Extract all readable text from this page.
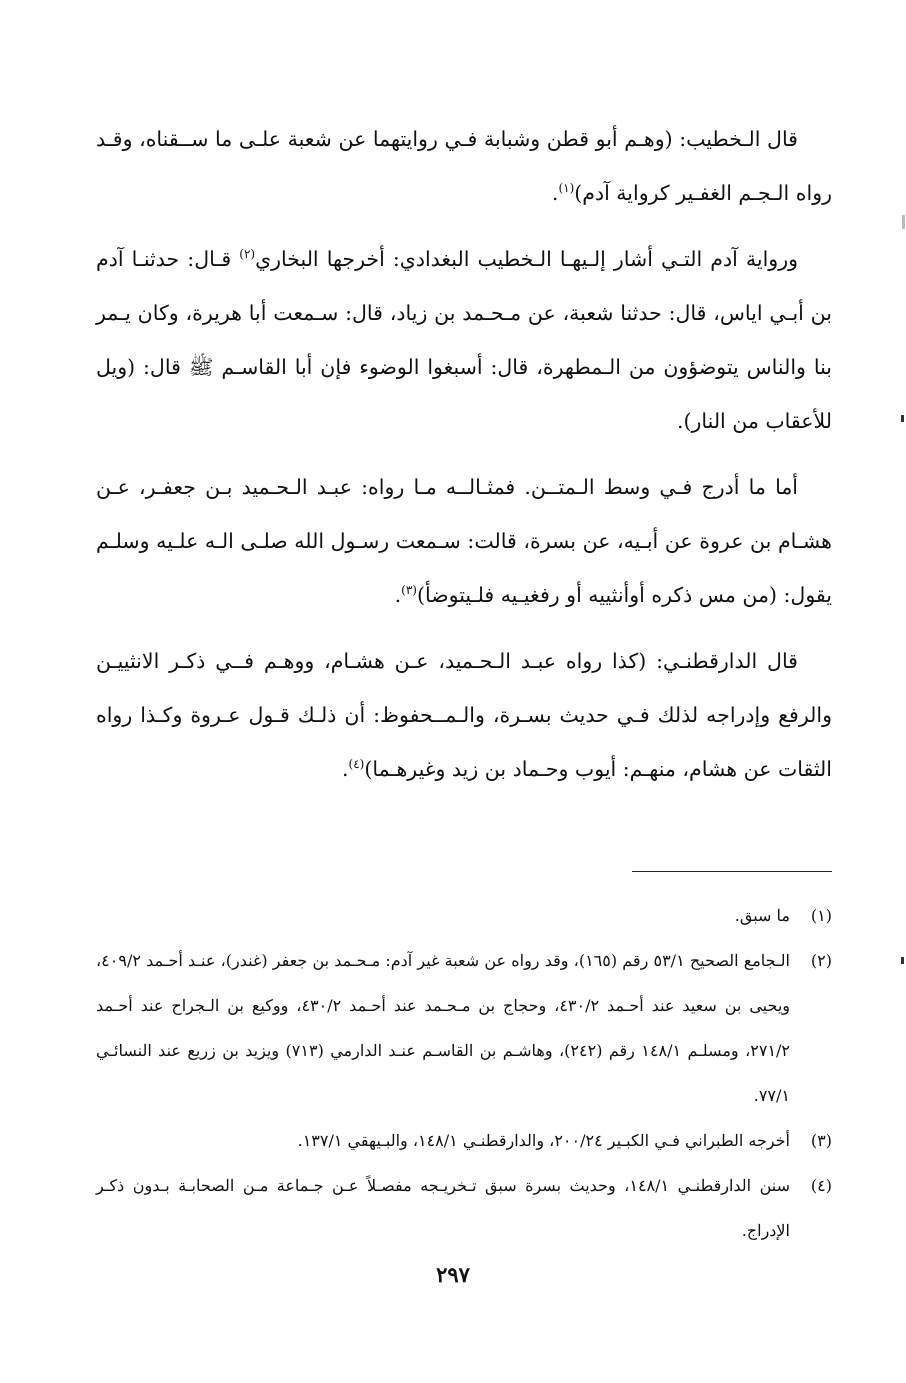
قال الـخطيب: (وهـم أبو قطن وشبابة فـي روايتهما عن شعبة علـى ما ســقناه، وقـد رواه الـجـم الغفـير كرواية آدم)$^{(١)}$.

ورواية آدم التـي أشار إلـيهـا الـخطيب البغدادي: أخرجها البخاري$^{(٢)}$ قـال: حدثنـا آدم بن أبـي اياس، قال: حدثنا شعبة، عن مـحـمد بن زياد، قال: سـمعت أبا هريرة، وكان يـمر بنا والناس يتوضؤون من الـمطهرة، قال: أسبغوا الوضوء فإن أبا القاسـم ﷺ قال: (ويل للأعقاب من النار).

أما ما أدرج فـي وسط الـمتــن. فمثـالــه مـا رواه: عبـد الـحـميد بـن جعفـر، عـن هشـام بن عروة عن أبـيه، عن بسرة، قالت: سـمعت رسـول الله صلـى الـه علـيه وسلـم يقول: (من مس ذكره أوأنثييه أو رفغيـيه فلـيتوضأ)$^{(٣)}$.

قال الدارقطنـي: (كذا رواه عبـد الـحـميد، عـن هشـام، ووهـم فــي ذكـر الانثييـن والرفع وإدراجه لذلك فـي حديث بسـرة، والـمــحفوظ: أن ذلـك قـول عـروة وكـذا رواه الثقات عن هشام، منهـم: أيوب وحـماد بن زيد وغيرهـما)$^{(٤)}$.

(١)
ما سبق.

(٢)
الـجامع الصحيح ٥٣/١ رقم (١٦٥)، وقد رواه عن شعبة غير آدم: مـحـمد بن جعفر (غندر)، عنـد أحـمد ٤٠٩/٢، ويحيى بن سعيد عند أحـمد ٤٣٠/٢، وحجاج بن مـحـمد عند أحـمد ٤٣٠/٢، ووكيع بن الـجراح عند أحـمد ٢٧١/٢، ومسلـم ١٤٨/١ رقم (٢٤٢)، وهاشـم بن القاسـم عنـد الدارمي (٧١٣) ويزيد بن زريع عند النسائـي ٧٧/١.

(٣)
أخرجه الطبراني فـي الكبـير ٢٠٠/٢٤، والدارقطنـي ١٤٨/١، والبـيهقي ١٣٧/١.

(٤)
سنن الدارقطنـي ١٤٨/١، وحديث بسرة سبق تـخريـجه مفصـلاً عـن جـماعة مـن الصحابـة بـدون ذكـر الإدراج.

٢٩٧
